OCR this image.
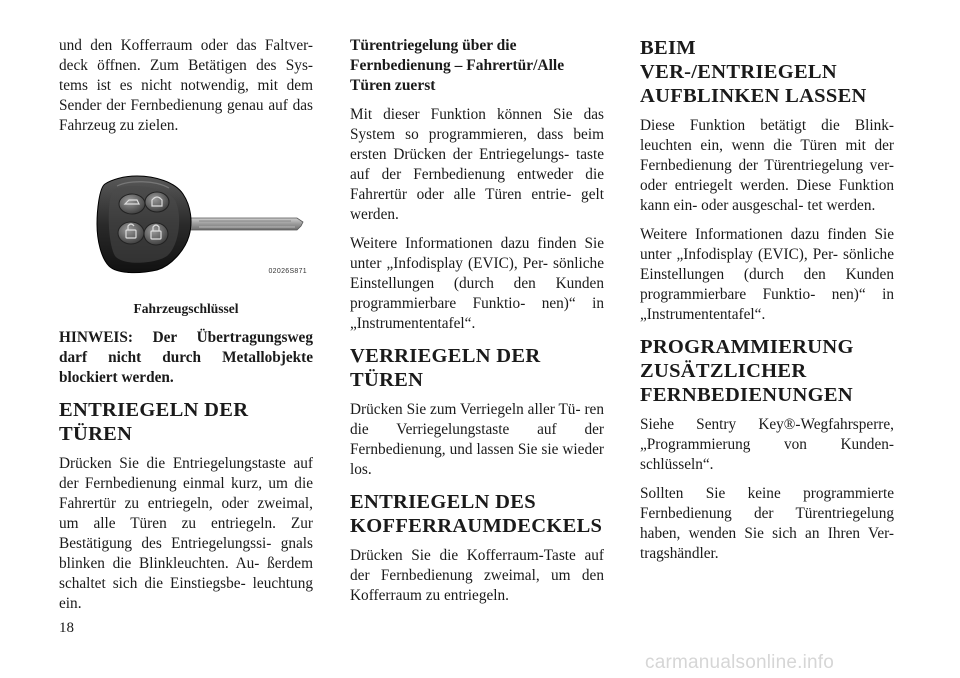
und den Kofferraum oder das Faltver- deck öffnen. Zum Betätigen des Sys- tems ist es nicht notwendig, mit dem Sender der Fernbedienung genau auf das Fahrzeug zu zielen.

02026S871
Fahrzeugschlüssel

HINWEIS: Der Übertragungsweg darf nicht durch Metallobjekte blockiert werden.

ENTRIEGELN DER TÜREN

Drücken Sie die Entriegelungstaste auf der Fernbedienung einmal kurz, um die Fahrertür zu entriegeln, oder zweimal, um alle Türen zu entriegeln. Zur Bestätigung des Entriegelungssi- gnals blinken die Blinkleuchten. Au- ßerdem schaltet sich die Einstiegsbe- leuchtung ein.

Türentriegelung über die Fernbedienung – Fahrertür/Alle Türen zuerst

Mit dieser Funktion können Sie das System so programmieren, dass beim ersten Drücken der Entriegelungs- taste auf der Fernbedienung entweder die Fahrertür oder alle Türen entrie- gelt werden.

Weitere Informationen dazu finden Sie unter „Infodisplay (EVIC), Per- sönliche Einstellungen (durch den Kunden programmierbare Funktio- nen)“ in „Instrumententafel“.

VERRIEGELN DER TÜREN

Drücken Sie zum Verriegeln aller Tü- ren die Verriegelungstaste auf der Fernbedienung, und lassen Sie sie wieder los.

ENTRIEGELN DES KOFFERRAUMDECKELS

Drücken Sie die Kofferraum-Taste auf der Fernbedienung zweimal, um den Kofferraum zu entriegeln.

BEIM VER-/ENTRIEGELN AUFBLINKEN LASSEN

Diese Funktion betätigt die Blink- leuchten ein, wenn die Türen mit der Fernbedienung der Türentriegelung ver- oder entriegelt werden. Diese Funktion kann ein- oder ausgeschal- tet werden.

Weitere Informationen dazu finden Sie unter „Infodisplay (EVIC), Per- sönliche Einstellungen (durch den Kunden programmierbare Funktio- nen)“ in „Instrumententafel“.

PROGRAMMIERUNG ZUSÄTZLICHER FERNBEDIENUNGEN

Siehe Sentry Key®-Wegfahrsperre, „Programmierung von Kunden- schlüsseln“.

Sollten Sie keine programmierte Fernbedienung der Türentriegelung haben, wenden Sie sich an Ihren Ver- tragshändler.

18
carmanualsonline.info
